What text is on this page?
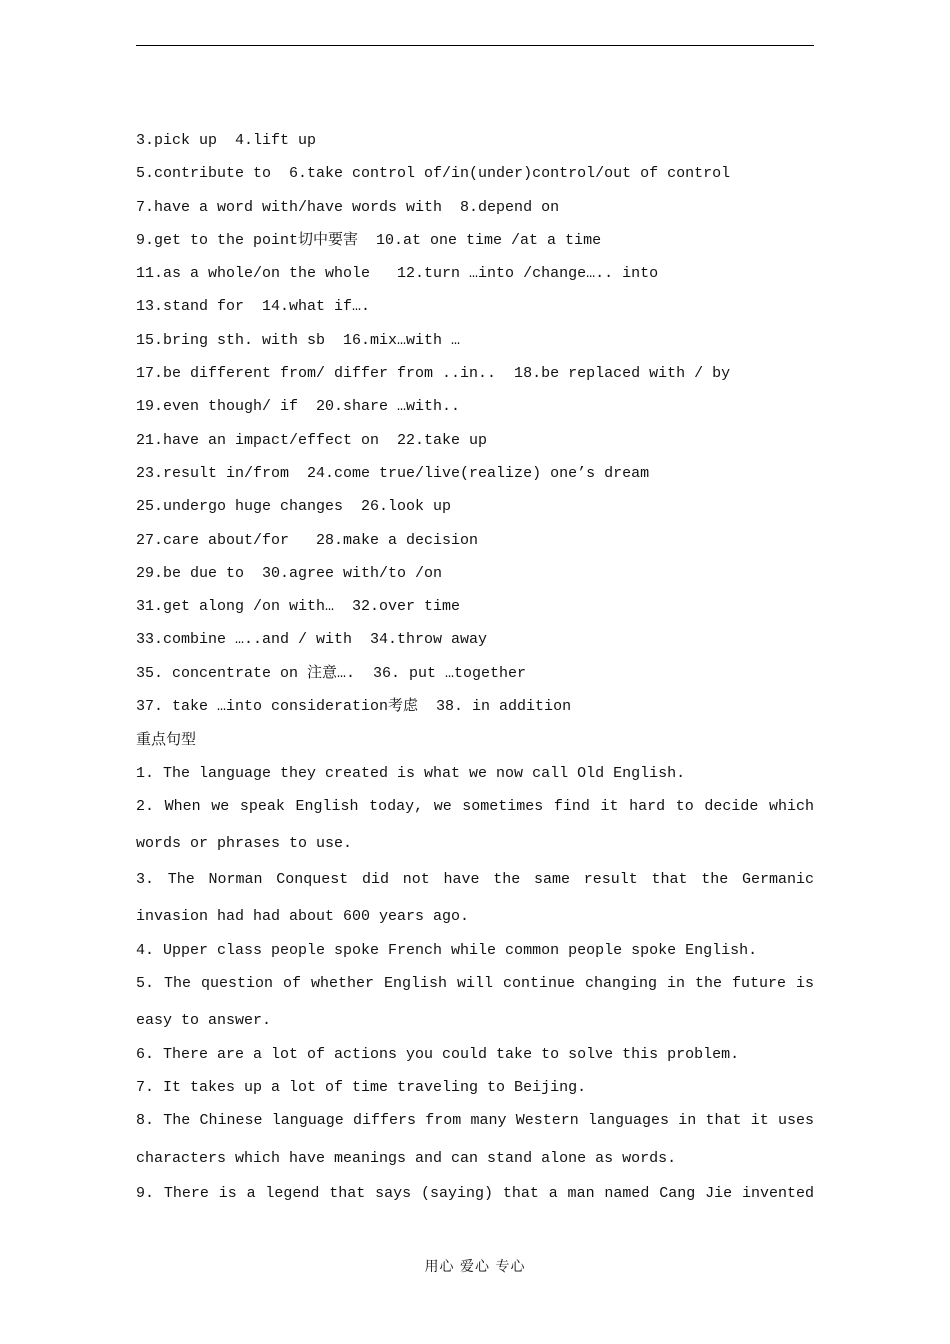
3.pick up  4.lift up
5.contribute to  6.take control of/in(under)control/out of control
7.have a word with/have words with  8.depend on
9.get to the point切中要害  10.at one time /at a time
11.as a whole/on the whole   12.turn …into /change….. into
13.stand for  14.what if….
15.bring sth. with sb  16.mix…with …
17.be different from/ differ from ..in..  18.be replaced with / by
19.even though/ if  20.share …with..
21.have an impact/effect on  22.take up
23.result in/from  24.come true/live(realize) one’s dream
25.undergo huge changes  26.look up
27.care about/for   28.make a decision
29.be due to  30.agree with/to /on
31.get along /on with…  32.over time
33.combine …..and / with  34.throw away
35. concentrate on 注意….  36. put …together
37. take …into consideration考虑  38. in addition
重点句型
1. The language they created is what we now call Old English.
2. When we speak English today, we sometimes find it hard to decide which words or phrases to use.
3. The Norman Conquest did not have the same result that the Germanic invasion had had about 600 years ago.
4. Upper class people spoke French while common people spoke English.
5. The question of whether English will continue changing in the future is easy to answer.
6. There are a lot of actions you could take to solve this problem.
7. It takes up a lot of time traveling to Beijing.
8. The Chinese language differs from many Western languages in that it uses characters which have meanings and can stand alone as words.
9. There is a legend that says (saying) that a man named Cang Jie invented
用心 爱心 专心
